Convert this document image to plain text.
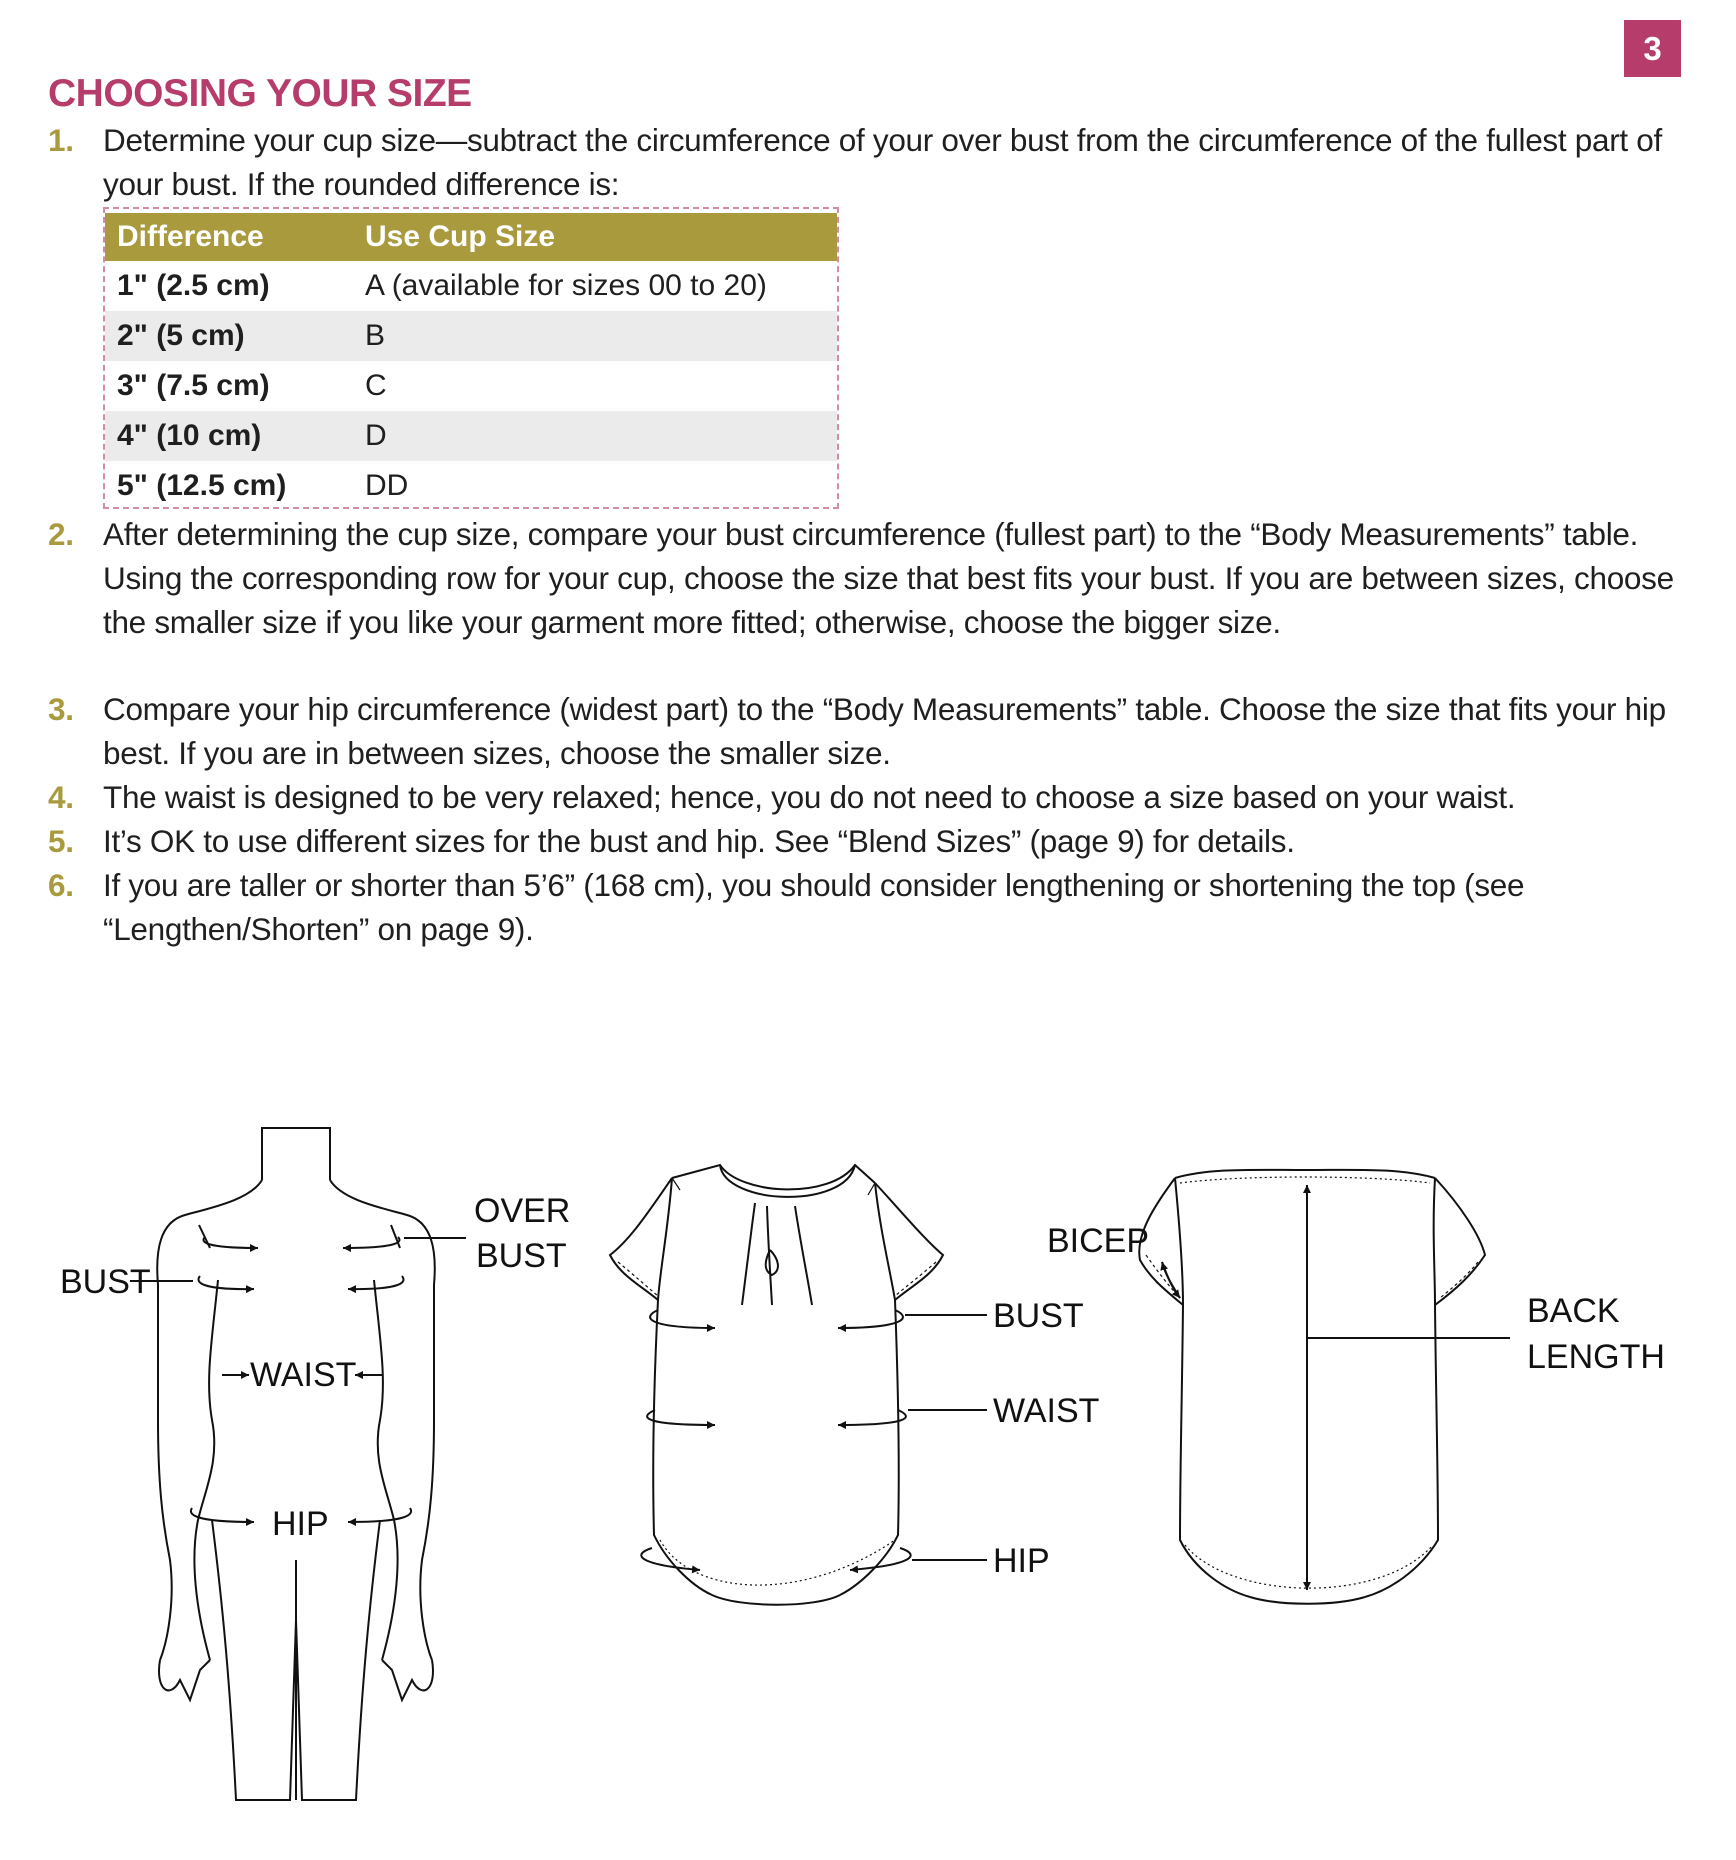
3
CHOOSING YOUR SIZE
1. Determine your cup size—subtract the circumference of your over bust from the circumference of the fullest part of your bust. If the rounded difference is:
Difference	Use Cup Size
1" (2.5 cm)	A (available for sizes 00 to 20)
2" (5 cm)	B
3" (7.5 cm)	C
4" (10 cm)	D
5" (12.5 cm)	DD
2. After determining the cup size, compare your bust circumference (fullest part) to the “Body Measurements” table. Using the corresponding row for your cup, choose the size that best fits your bust. If you are between sizes, choose the smaller size if you like your garment more fitted; otherwise, choose the bigger size.
3. Compare your hip circumference (widest part) to the “Body Measurements” table. Choose the size that fits your hip best. If you are in between sizes, choose the smaller size.
4. The waist is designed to be very relaxed; hence, you do not need to choose a size based on your waist.
5. It’s OK to use different sizes for the bust and hip. See “Blend Sizes” (page 9) for details.
6. If you are taller or shorter than 5’6” (168 cm), you should consider lengthening or shortening the top (see “Lengthen/Shorten” on page 9).
BUST
OVER
BUST
WAIST
HIP
BUST
WAIST
HIP
BICEP
BACK
LENGTH
